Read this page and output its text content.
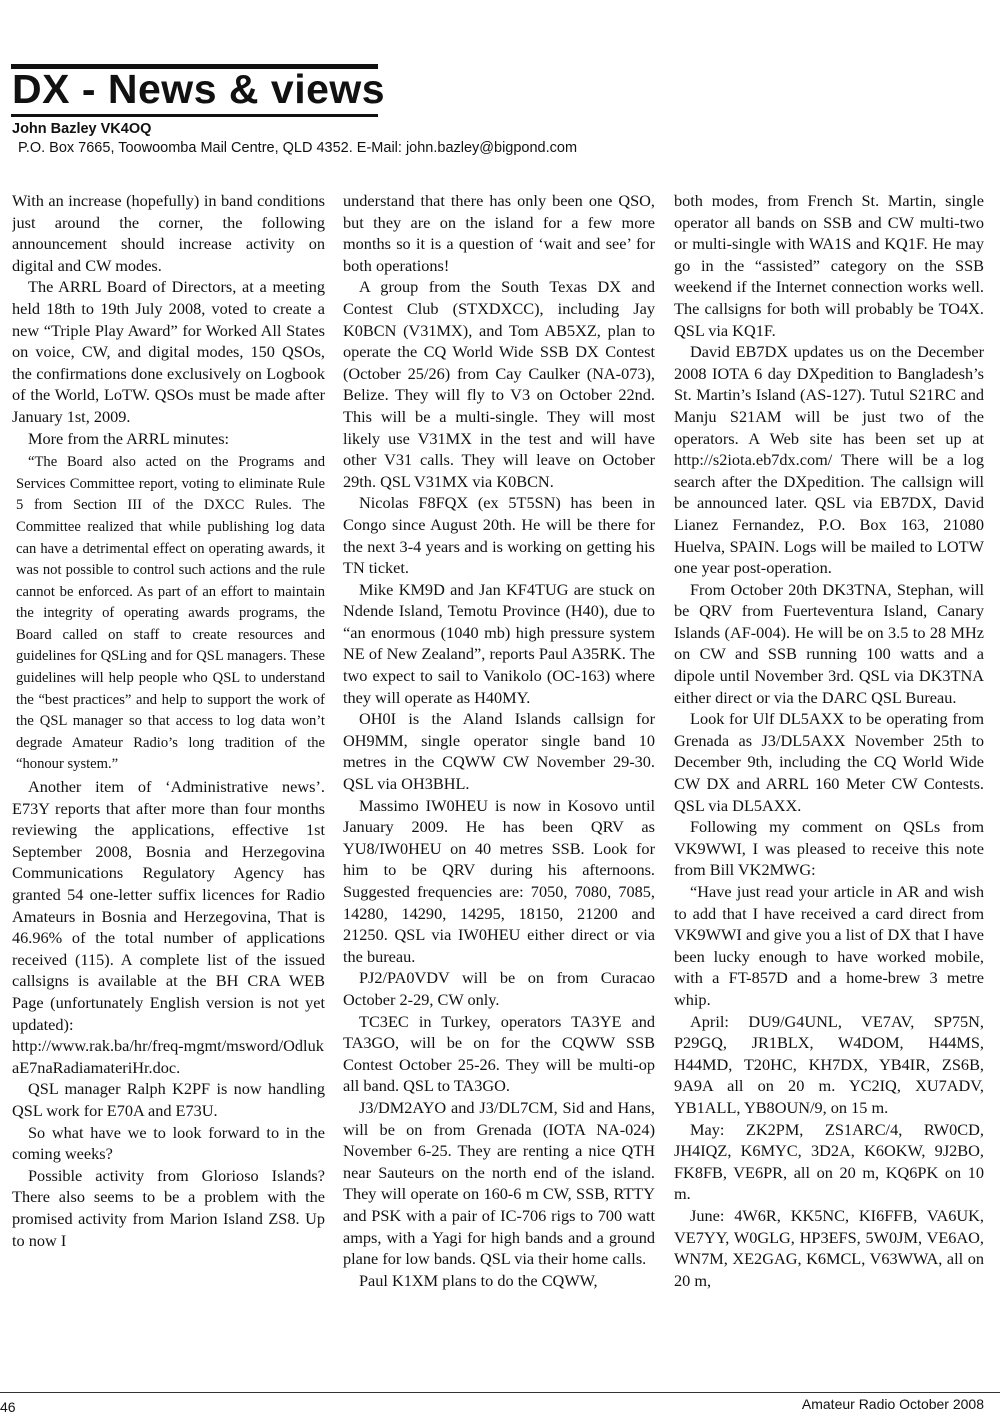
DX - News & views
John Bazley VK4OQ
P.O. Box 7665, Toowoomba Mail Centre, QLD 4352. E-Mail: john.bazley@bigpond.com

With an increase (hopefully) in band conditions just around the corner, the following announcement should increase activity on digital and CW modes.

The ARRL Board of Directors, at a meeting held 18th to 19th July 2008, voted to create a new “Triple Play Award” for Worked All States on voice, CW, and digital modes, 150 QSOs, the confirmations done exclusively on Logbook of the World, LoTW. QSOs must be made after January 1st, 2009.

More from the ARRL minutes:

“The Board also acted on the Programs and Services Committee report, voting to eliminate Rule 5 from Section III of the DXCC Rules. The Committee realized that while publishing log data can have a detrimental effect on operating awards, it was not possible to control such actions and the rule cannot be enforced. As part of an effort to maintain the integrity of operating awards programs, the Board called on staff to create resources and guidelines for QSLing and for QSL managers. These guidelines will help people who QSL to understand the “best practices” and help to support the work of the QSL manager so that access to log data won’t degrade Amateur Radio’s long tradition of the “honour system.”

Another item of ‘Administrative news’. E73Y reports that after more than four months reviewing the applications, effective 1st September 2008, Bosnia and Herzegovina Communications Regulatory Agency has granted 54 one-letter suffix licences for Radio Amateurs in Bosnia and Herzegovina, That is 46.96% of the total number of applications received (115). A complete list of the issued callsigns is available at the BH CRA WEB Page (unfortunately English version is not yet updated):

http://www.rak.ba/hr/freq-mgmt/msword/OdlukaE7naRadiamateriHr.doc.

QSL manager Ralph K2PF is now handling QSL work for E70A and E73U.

So what have we to look forward to in the coming weeks?

Possible activity from Glorioso Islands? There also seems to be a problem with the promised activity from Marion Island ZS8. Up to now I

understand that there has only been one QSO, but they are on the island for a few more months so it is a question of ‘wait and see’ for both operations!

A group from the South Texas DX and Contest Club (STXDXCC), including Jay K0BCN (V31MX), and Tom AB5XZ, plan to operate the CQ World Wide SSB DX Contest (October 25/26) from Cay Caulker (NA-073), Belize. They will fly to V3 on October 22nd. This will be a multi-single. They will most likely use V31MX in the test and will have other V31 calls. They will leave on October 29th. QSL V31MX via K0BCN.

Nicolas F8FQX (ex 5T5SN) has been in Congo since August 20th. He will be there for the next 3-4 years and is working on getting his TN ticket.

Mike KM9D and Jan KF4TUG are stuck on Ndende Island, Temotu Province (H40), due to “an enormous (1040 mb) high pressure system NE of New Zealand”, reports Paul A35RK. The two expect to sail to Vanikolo (OC-163) where they will operate as H40MY.

OH0I is the Aland Islands callsign for OH9MM, single operator single band 10 metres in the CQWW CW November 29-30. QSL via OH3BHL.

Massimo IW0HEU is now in Kosovo until January 2009. He has been QRV as YU8/IW0HEU on 40 metres SSB. Look for him to be QRV during his afternoons. Suggested frequencies are: 7050, 7080, 7085, 14280, 14290, 14295, 18150, 21200 and 21250. QSL via IW0HEU either direct or via the bureau.

PJ2/PA0VDV will be on from Curacao October 2-29, CW only.

TC3EC in Turkey, operators TA3YE and TA3GO, will be on for the CQWW SSB Contest October 25-26. They will be multi-op all band. QSL to TA3GO.

J3/DM2AYO and J3/DL7CM, Sid and Hans, will be on from Grenada (IOTA NA-024) November 6-25. They are renting a nice QTH near Sauteurs on the north end of the island. They will operate on 160-6 m CW, SSB, RTTY and PSK with a pair of IC-706 rigs to 700 watt amps, with a Yagi for high bands and a ground plane for low bands. QSL via their home calls.

Paul K1XM plans to do the CQWW,

both modes, from French St. Martin, single operator all bands on SSB and CW multi-two or multi-single with WA1S and KQ1F. He may go in the “assisted” category on the SSB weekend if the Internet connection works well. The callsigns for both will probably be TO4X. QSL via KQ1F.

David EB7DX updates us on the December 2008 IOTA 6 day DXpedition to Bangladesh’s St. Martin’s Island (AS-127). Tutul S21RC and Manju S21AM will be just two of the operators. A Web site has been set up at http://s2iota.eb7dx.com/ There will be a log search after the DXpedition. The callsign will be announced later. QSL via EB7DX, David Lianez Fernandez, P.O. Box 163, 21080 Huelva, SPAIN. Logs will be mailed to LOTW one year post-operation.

From October 20th DK3TNA, Stephan, will be QRV from Fuerteventura Island, Canary Islands (AF-004). He will be on 3.5 to 28 MHz on CW and SSB running 100 watts and a dipole until November 3rd. QSL via DK3TNA either direct or via the DARC QSL Bureau.

Look for Ulf DL5AXX to be operating from Grenada as J3/DL5AXX November 25th to December 9th, including the CQ World Wide CW DX and ARRL 160 Meter CW Contests. QSL via DL5AXX.

Following my comment on QSLs from VK9WWI, I was pleased to receive this note from Bill VK2MWG:

“Have just read your article in AR and wish to add that I have received a card direct from VK9WWI and give you a list of DX that I have been lucky enough to have worked mobile, with a FT-857D and a home-brew 3 metre whip.

April: DU9/G4UNL, VE7AV, SP75N, P29GQ, JR1BLX, W4DOM, H44MS, H44MD, T20HC, KH7DX, YB4IR, ZS6B, 9A9A all on 20 m. YC2IQ, XU7ADV, YB1ALL, YB8OUN/9, on 15 m.

May: ZK2PM, ZS1ARC/4, RW0CD, JH4IQZ, K6MYC, 3D2A, K6OKW, 9J2BO, FK8FB, VE6PR, all on 20 m, KQ6PK on 10 m.

June: 4W6R, KK5NC, KI6FFB, VA6UK, VE7YY, W0GLG, HP3EFS, 5W0JM, VE6AO, WN7M, XE2GAG, K6MCL, V63WWA, all on 20 m,

46	Amateur Radio October 2008
